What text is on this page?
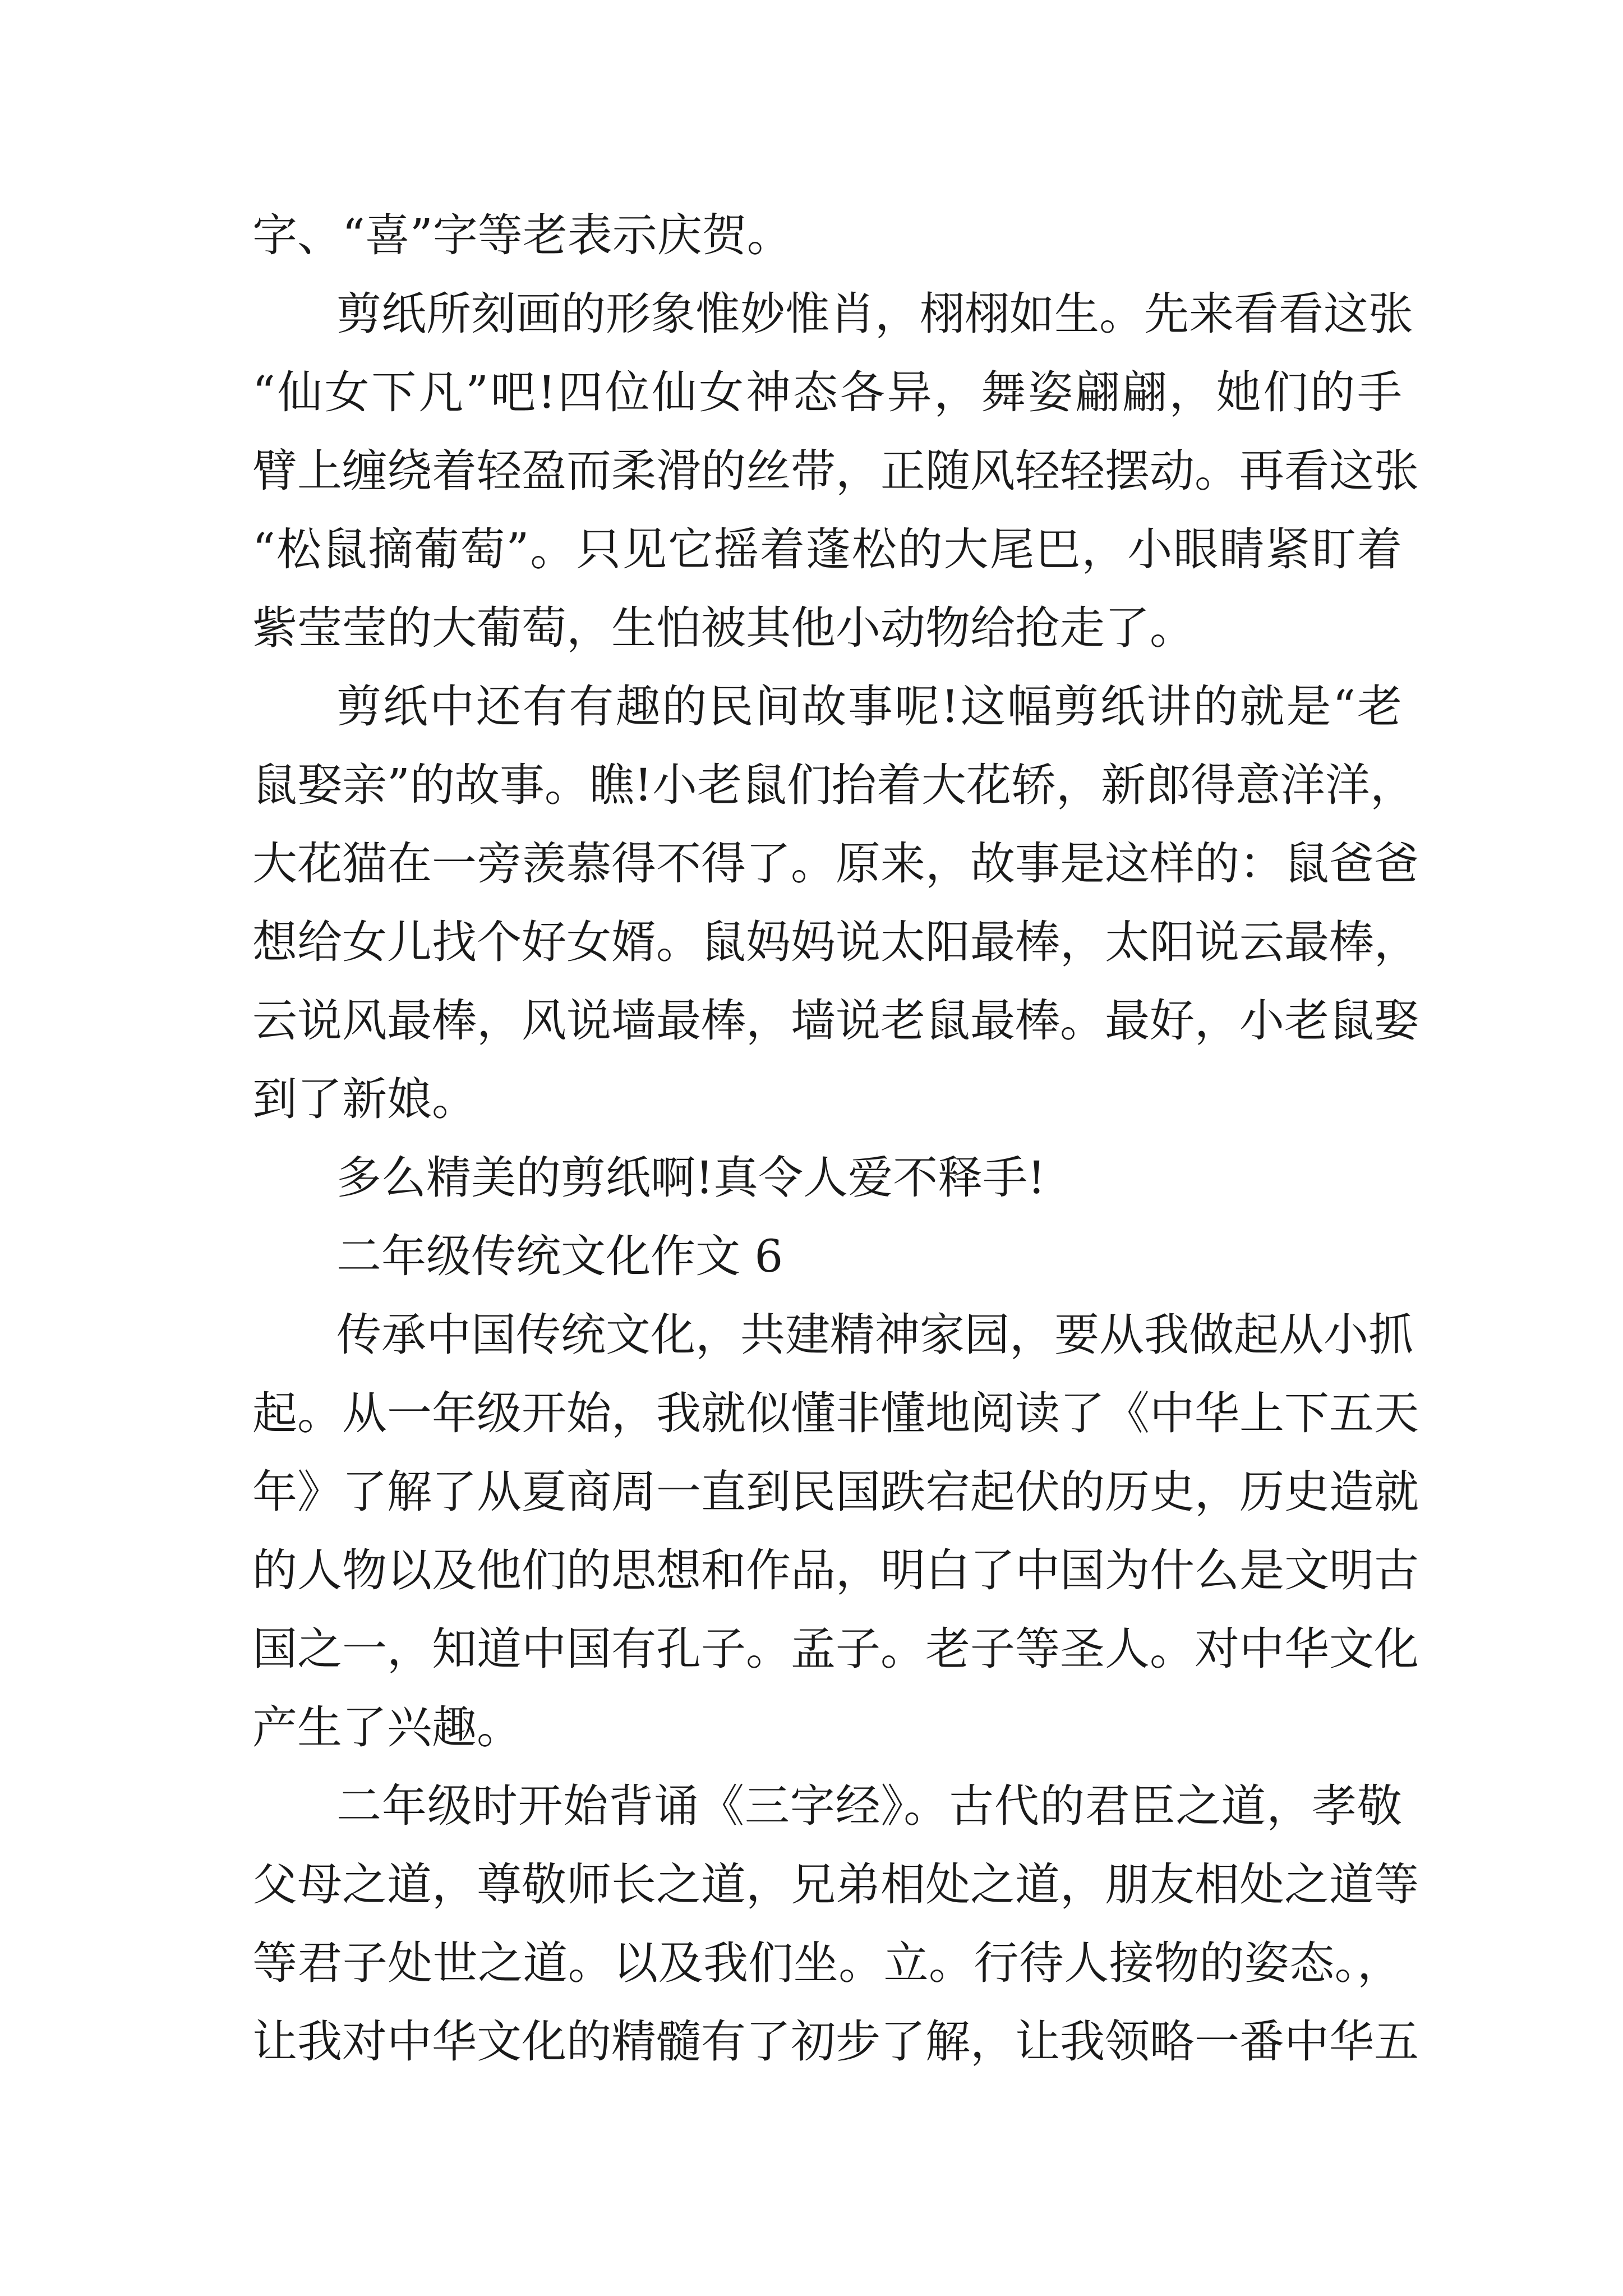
字、“喜”字等老表示庆贺。
剪纸所刻画的形象惟妙惟肖，栩栩如生。先来看看这张
“仙女下凡”吧!四位仙女神态各异，舞姿翩翩，她们的手
臂上缠绕着轻盈而柔滑的丝带，正随风轻轻摆动。再看这张
“松鼠摘葡萄”。只见它摇着蓬松的大尾巴，小眼睛紧盯着
紫莹莹的大葡萄，生怕被其他小动物给抢走了。
剪纸中还有有趣的民间故事呢!这幅剪纸讲的就是“老
鼠娶亲”的故事。瞧!小老鼠们抬着大花轿，新郎得意洋洋，
大花猫在一旁羡慕得不得了。原来，故事是这样的：鼠爸爸
想给女儿找个好女婿。鼠妈妈说太阳最棒，太阳说云最棒，
云说风最棒，风说墙最棒，墙说老鼠最棒。最好，小老鼠娶
到了新娘。
多么精美的剪纸啊!真令人爱不释手!
二年级传统文化作文 6
传承中国传统文化，共建精神家园，要从我做起从小抓
起。从一年级开始，我就似懂非懂地阅读了《中华上下五天
年》了解了从夏商周一直到民国跌宕起伏的历史，历史造就
的人物以及他们的思想和作品，明白了中国为什么是文明古
国之一，知道中国有孔子。孟子。老子等圣人。对中华文化
产生了兴趣。
二年级时开始背诵《三字经》。古代的君臣之道，孝敬
父母之道，尊敬师长之道，兄弟相处之道，朋友相处之道等
等君子处世之道。以及我们坐。立。行待人接物的姿态。，
让我对中华文化的精髓有了初步了解，让我领略一番中华五
